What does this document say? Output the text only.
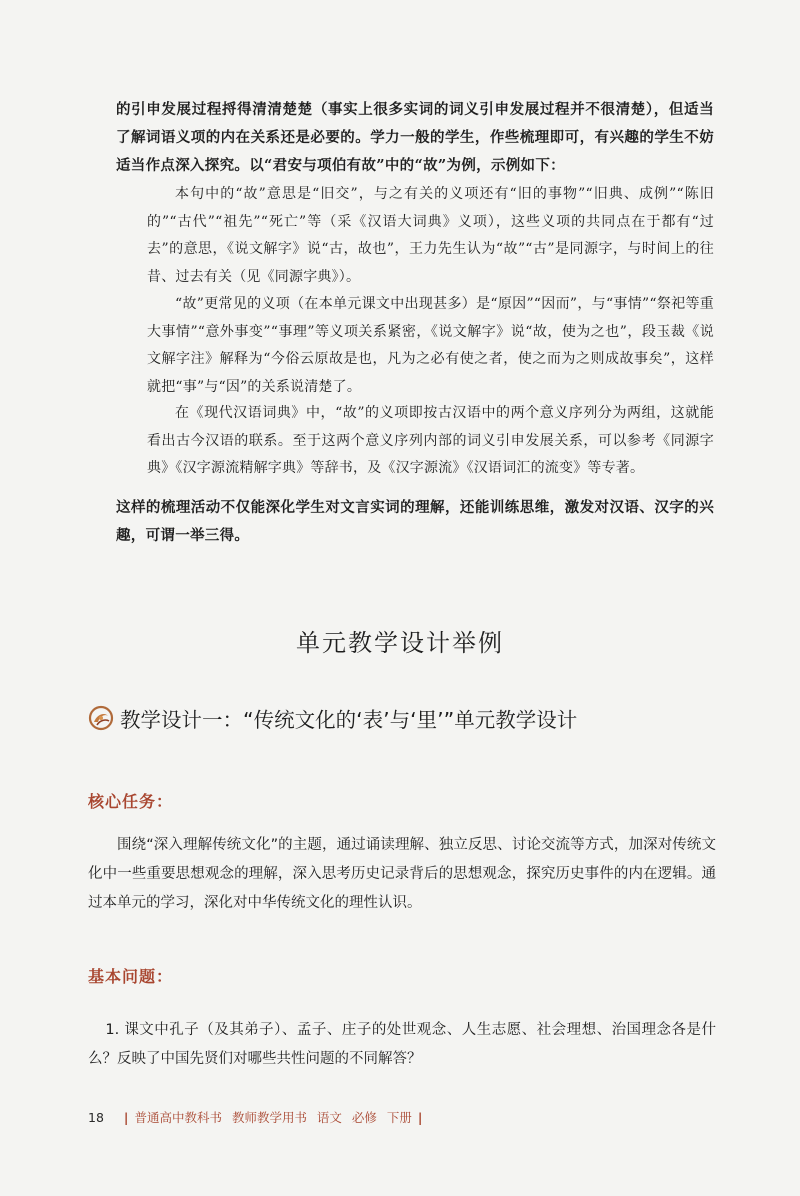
的引申发展过程捋得清清楚楚（事实上很多实词的词义引申发展过程并不很清楚），但适当了解词语义项的内在关系还是必要的。学力一般的学生，作些梳理即可，有兴趣的学生不妨适当作点深入探究。以“君安与项伯有故”中的“故”为例，示例如下：

本句中的“故”意思是“旧交”，与之有关的义项还有“旧的事物”“旧典、成例”“陈旧的”“古代”“祖先”“死亡”等（采《汉语大词典》义项），这些义项的共同点在于都有“过去”的意思，《说文解字》说“古，故也”，王力先生认为“故”“古”是同源字，与时间上的往昔、过去有关（见《同源字典》）。

“故”更常见的义项（在本单元课文中出现甚多）是“原因”“因而”，与“事情”“祭祀等重大事情”“意外事变”“事理”等义项关系紧密，《说文解字》说“故，使为之也”，段玉裁《说文解字注》解释为“今俗云原故是也，凡为之必有使之者，使之而为之则成故事矣”，这样就把“事”与“因”的关系说清楚了。

在《现代汉语词典》中，“故”的义项即按古汉语中的两个意义序列分为两组，这就能看出古今汉语的联系。至于这两个意义序列内部的词义引申发展关系，可以参考《同源字典》《汉字源流精解字典》等辞书，及《汉字源流》《汉语词汇的流变》等专著。

这样的梳理活动不仅能深化学生对文言实词的理解，还能训练思维，激发对汉语、汉字的兴趣，可谓一举三得。

单元教学设计举例
教学设计一：“传统文化的‘表’与‘里’”单元教学设计
核心任务：

围绕“深入理解传统文化”的主题，通过诵读理解、独立反思、讨论交流等方式，加深对传统文化中一些重要思想观念的理解，深入思考历史记录背后的思想观念，探究历史事件的内在逻辑。通过本单元的学习，深化对中华传统文化的理性认识。

基本问题：

1. 课文中孔子（及其弟子）、孟子、庄子的处世观念、人生志愿、社会理想、治国理念各是什么？反映了中国先贤们对哪些共性问题的不同解答？

18 | 普通高中教科书 教师教学用书 语文 必修 下册 |
